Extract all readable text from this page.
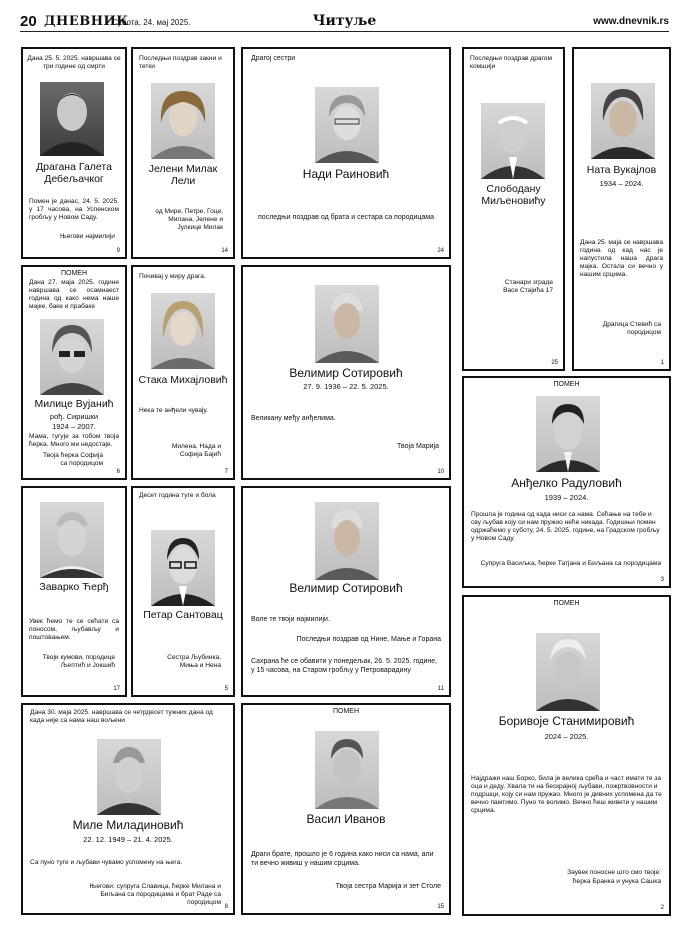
20 ДНЕВНИК
Субота, 24. мај 2025.	Читуље	www.dnevnik.rs
Дана 25. 5. 2025. навршава се три године од смрти
Драгана Галета
Дебељачког
Помен је данас, 24. 5. 2025. у 17 часова, на Успенском гробљу у Новом Саду.
Његови најмилији
9
Последњи поздрав закни и тетки
Јелени Милак
Лели
од Мире, Петре, Гоце, Милана, Јелене и Јулкице Милак
14
Драгој сестри
Нади Раиновић
последњи поздрав од брата и сестара са породицама
24
Последњи поздрав драгом комшији
Слободану
Миљеновићу
Станари зграде Васе Стајића 17
25
Ната Вукајлов
1934 – 2024.
Дана 25. маја се навршава година од кад нас је напустила наша драга мајка. Остала си вечно у нашим срцима.
Драгица Стевић са породицом
1
ПОМЕН
Дана 27. маја 2025. године навршава се осамнаест година од како нема наше мајке, баке и прабаке
Милице Вујанић
рођ. Сиришки
1924 – 2007.
Мама, тугује за тобом твоја ћерка. Много ми недостаје.
Твоја ћерка Софија са породицом
6
Почивај у миру драга.
Стака Михајловић
Нека те анђели чувају.
Милена, Нада и Софија Бајић
7
Велимир Сотировић
27. 9. 1936 – 22. 5. 2025.
Великану међу анђелима.
Твоја Марија
10
ПОМЕН
Анђелко Радуловић
1939 – 2024.
Прошла је година од када ниси са нама. Сећање на тебе и сву љубав коју си нам пружио неће никада. Годишњи помен одржаћемо у суботу, 24. 5. 2025. године, на Градском гробљу у Новом Саду.
Супруга Васиљка, ћерке Татјана и Биљана са породицама
3
Заварко Ћерђ
Увек ћемо те се сећати са поносом, љубављу и поштовањем.
Твоји кумови, породице Љептић и Јокшић
17
Десет година туге и бола
Петар Сантовац
Сестра Љубинка, Миња и Нена
5
Велимир Сотировић
Воле те твоји најмилији.
Последњи поздрав од Нине, Мање и Горана
Сахрана ће се обавити у понедељак, 26. 5. 2025. године, у 15 часова, на Старом гробљу у Петроварадину
11
ПОМЕН
Боривоје Станимировић
2024 – 2025.
Најдражи наш Борко, била је велика срећа и част имати те за оца и деду. Хвала ти на бескрајној љубави, пожртвовности и подршци, коју си нам пружао. Много је дивних успомена да те вечно памтимо. Пуно те волимо. Вечно ћеш живети у нашим срцима.
Заувек поносне што смо твоје:
ћерка Бранка и унука Сашка
2
Дана 30. маја 2025. навршава се четрдесет тужних дана од када није са нама наш вољени
Миле Миладиновић
22. 12. 1949 – 21. 4. 2025.
Са пуно туге и љубави чувамо успомену на њега.
Његови: супруга Славица, ћерке Милана и Биљана са породицама и брат Раде са породицом
8
ПОМЕН
Васил Иванов
Драги брате, прошло је 6 година како ниси са нама, али ти вечно живиш у нашим срцима.
Твоја сестра Марија и зет Столе
15
